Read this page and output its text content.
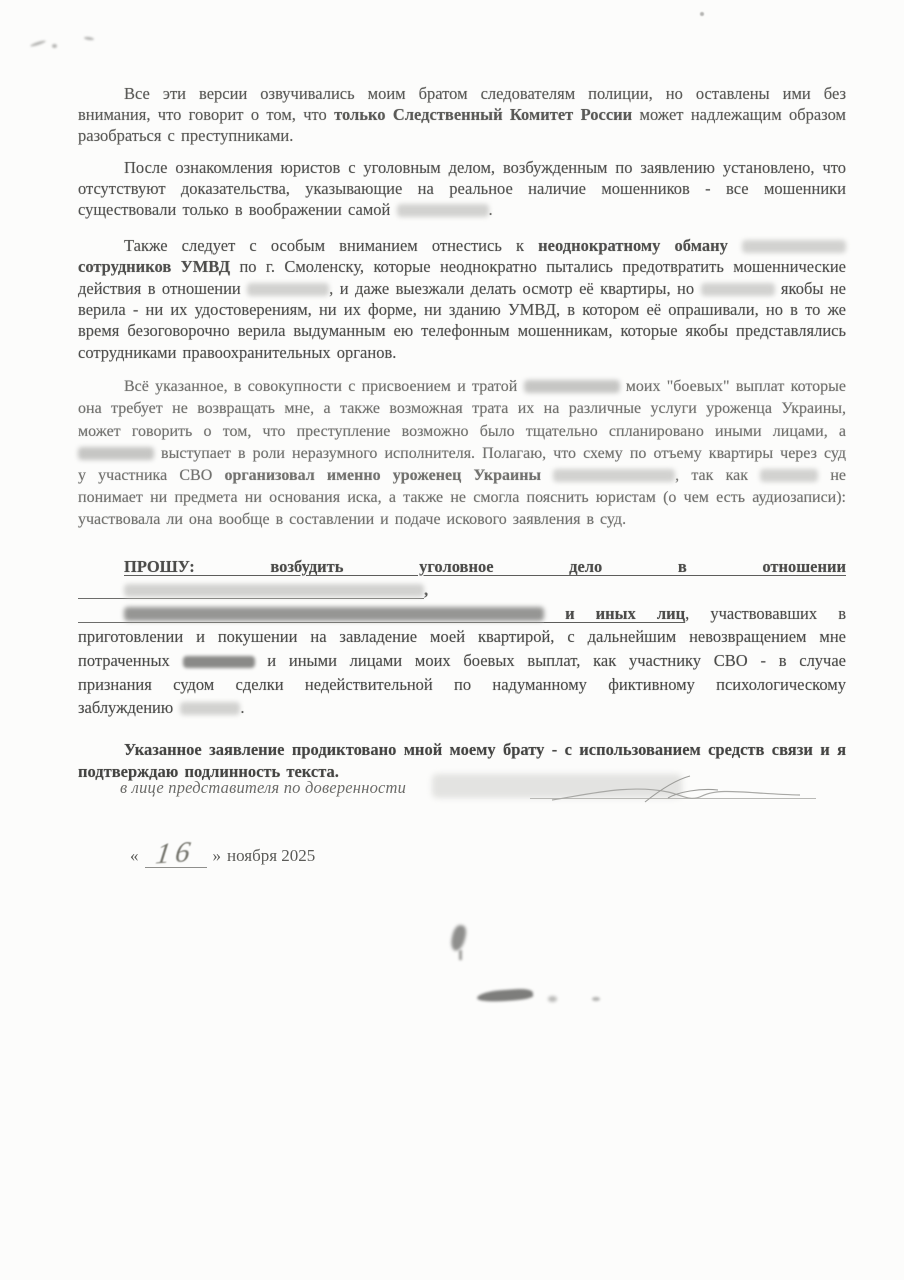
Все эти версии озвучивались моим братом следователям полиции, но оставлены ими без внимания, что говорит о том, что только Следственный Комитет России может надлежащим образом разобраться с преступниками.

После ознакомления юристов с уголовным делом, возбужденным по заявлению установлено, что отсутствуют доказательства, указывающие на реальное наличие мошенников - все мошенники существовали только в воображении самой	.

Также следует с особым вниманием отнестись к неоднократному обману  сотрудников УМВД по г. Смоленску, которые неоднократно пытались предотвратить мошеннические действия в отношении	, и даже выезжали делать осмотр её квартиры, но	якобы не верила - ни их удостоверениям, ни их форме, ни зданию УМВД, в котором её опрашивали, но в то же время безоговорочно верила выдуманным ею телефонным мошенникам, которые якобы представлялись сотрудниками правоохранительных органов.

Всё указанное, в совокупности с присвоением и тратой	моих "боевых" выплат которые она требует не возвращать мне, а также возможная трата их на различные услуги уроженца Украины, может говорить о том, что преступление возможно было тщательно спланировано иными лицами, а  выступает в роли неразумного исполнителя. Полагаю, что схему по отъему квартиры через суд у участника СВО организовал именно уроженец Украины	, так как	не понимает ни предмета ни основания иска, а также не смогла пояснить юристам (о чем есть аудиозаписи): участвовала ли она вообще в составлении и подаче искового заявления в суд.

ПРОШУ: возбудить уголовное дело в отношении ,  и иных лиц, участвовавших в приготовлении и покушении на завладение моей квартирой, с дальнейшим невозвращением мне потраченных	и иными лицами моих боевых выплат, как участнику СВО - в случае признания судом сделки недействительной по надуманному фиктивному психологическому заблуждению	.

Указанное заявление продиктовано мной моему брату - с использованием средств связи и я подтверждаю подлинность текста.

в лице представителя по доверенности
« 16 » ноября 2025
